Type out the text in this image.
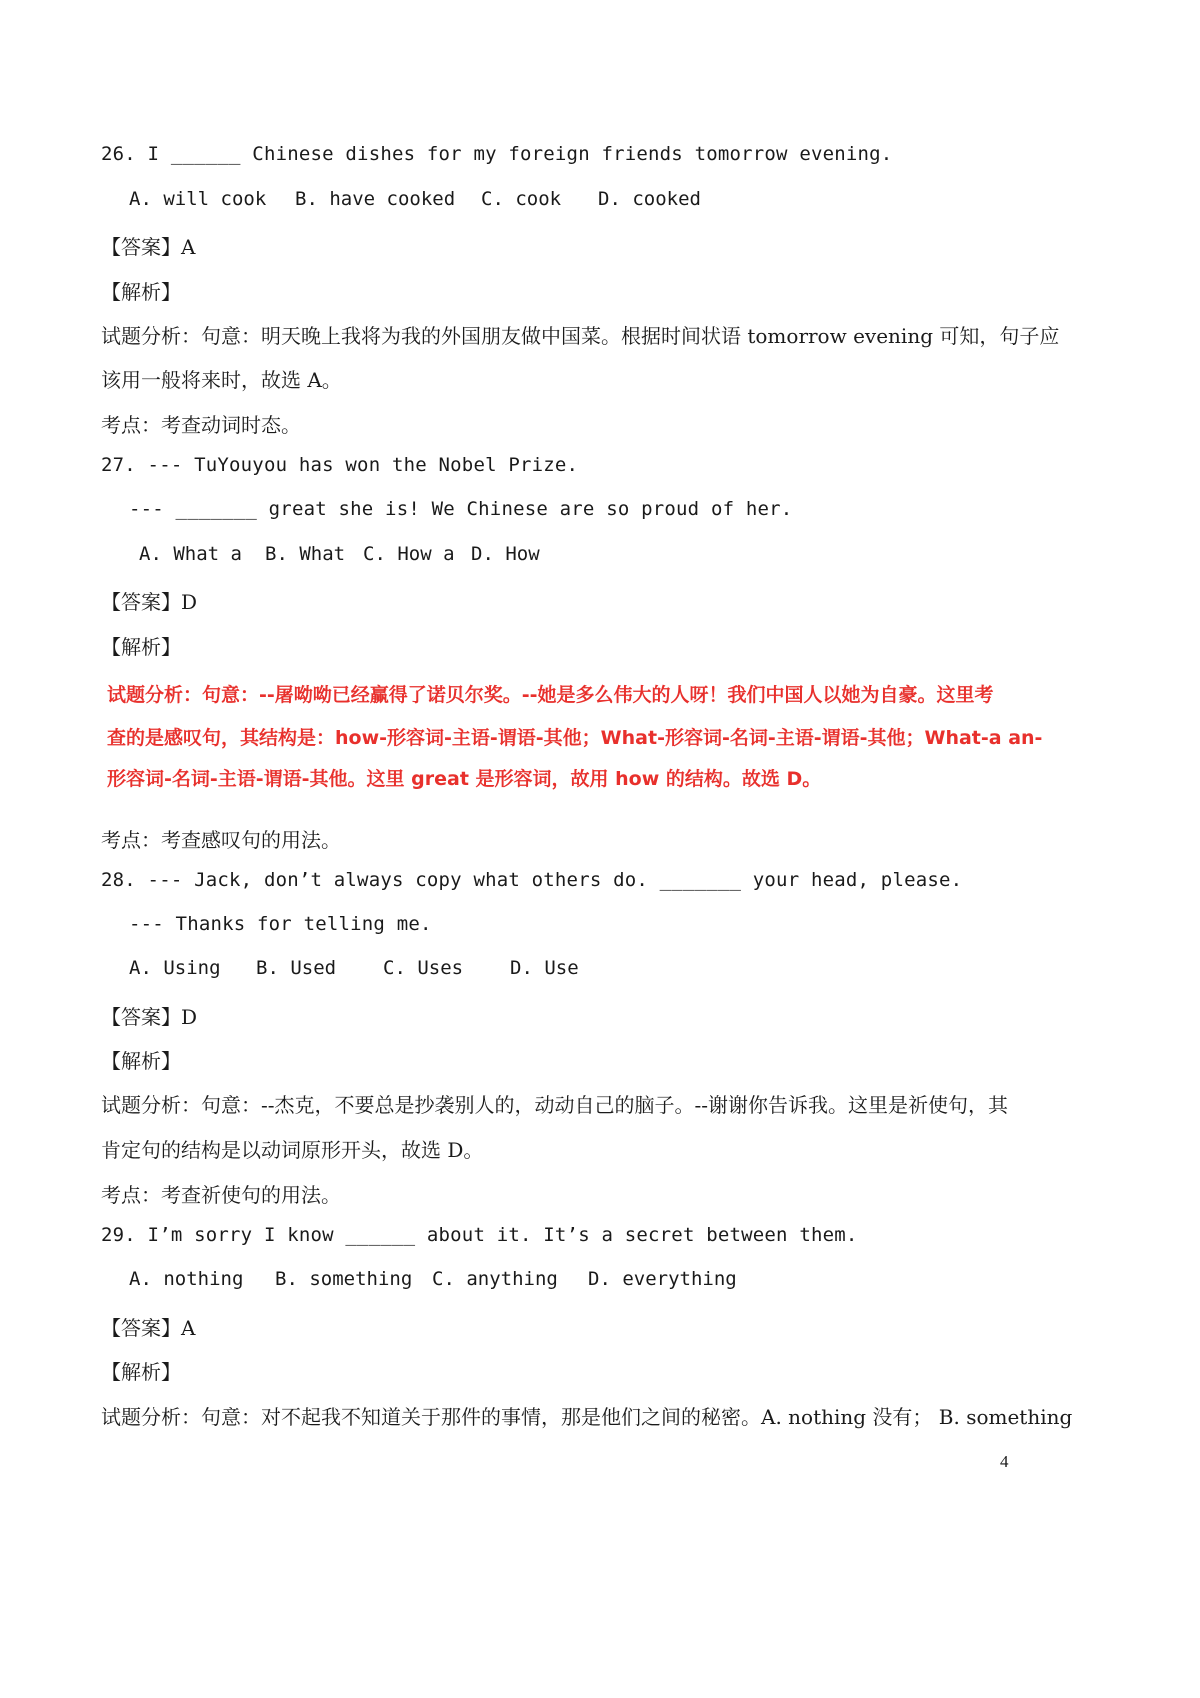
26. I ______ Chinese dishes for my foreign friends tomorrow evening.
A. will cook B. have cooked C. cook D. cooked
【答案】A
【解析】
试题分析：句意：明天晚上我将为我的外国朋友做中国菜。根据时间状语 tomorrow evening 可知，句子应
该用一般将来时，故选 A。
考点：考查动词时态。
27. --- TuYouyou has won the Nobel Prize.
--- _______ great she is! We Chinese are so proud of her.
A. What a B. What C. How a D. How
【答案】D
【解析】
试题分析：句意：--屠呦呦已经赢得了诺贝尔奖。--她是多么伟大的人呀！我们中国人以她为自豪。这里考
查的是感叹句，其结构是：how-形容词-主语-谓语-其他；What-形容词-名词-主语-谓语-其他；What-a an-
形容词-名词-主语-谓语-其他。这里 great 是形容词，故用 how 的结构。故选 D。
考点：考查感叹句的用法。
28. --- Jack, don’t always copy what others do. _______ your head, please.
--- Thanks for telling me.
A. Using B. Used C. Uses D. Use
【答案】D
【解析】
试题分析：句意：--杰克，不要总是抄袭别人的，动动自己的脑子。--谢谢你告诉我。这里是祈使句，其
肯定句的结构是以动词原形开头，故选 D。
考点：考查祈使句的用法。
29. I’m sorry I know ______ about it. It’s a secret between them.
A. nothing B. something C. anything D. everything
【答案】A
【解析】
试题分析：句意：对不起我不知道关于那件的事情，那是他们之间的秘密。A. nothing 没有； B. something
4
